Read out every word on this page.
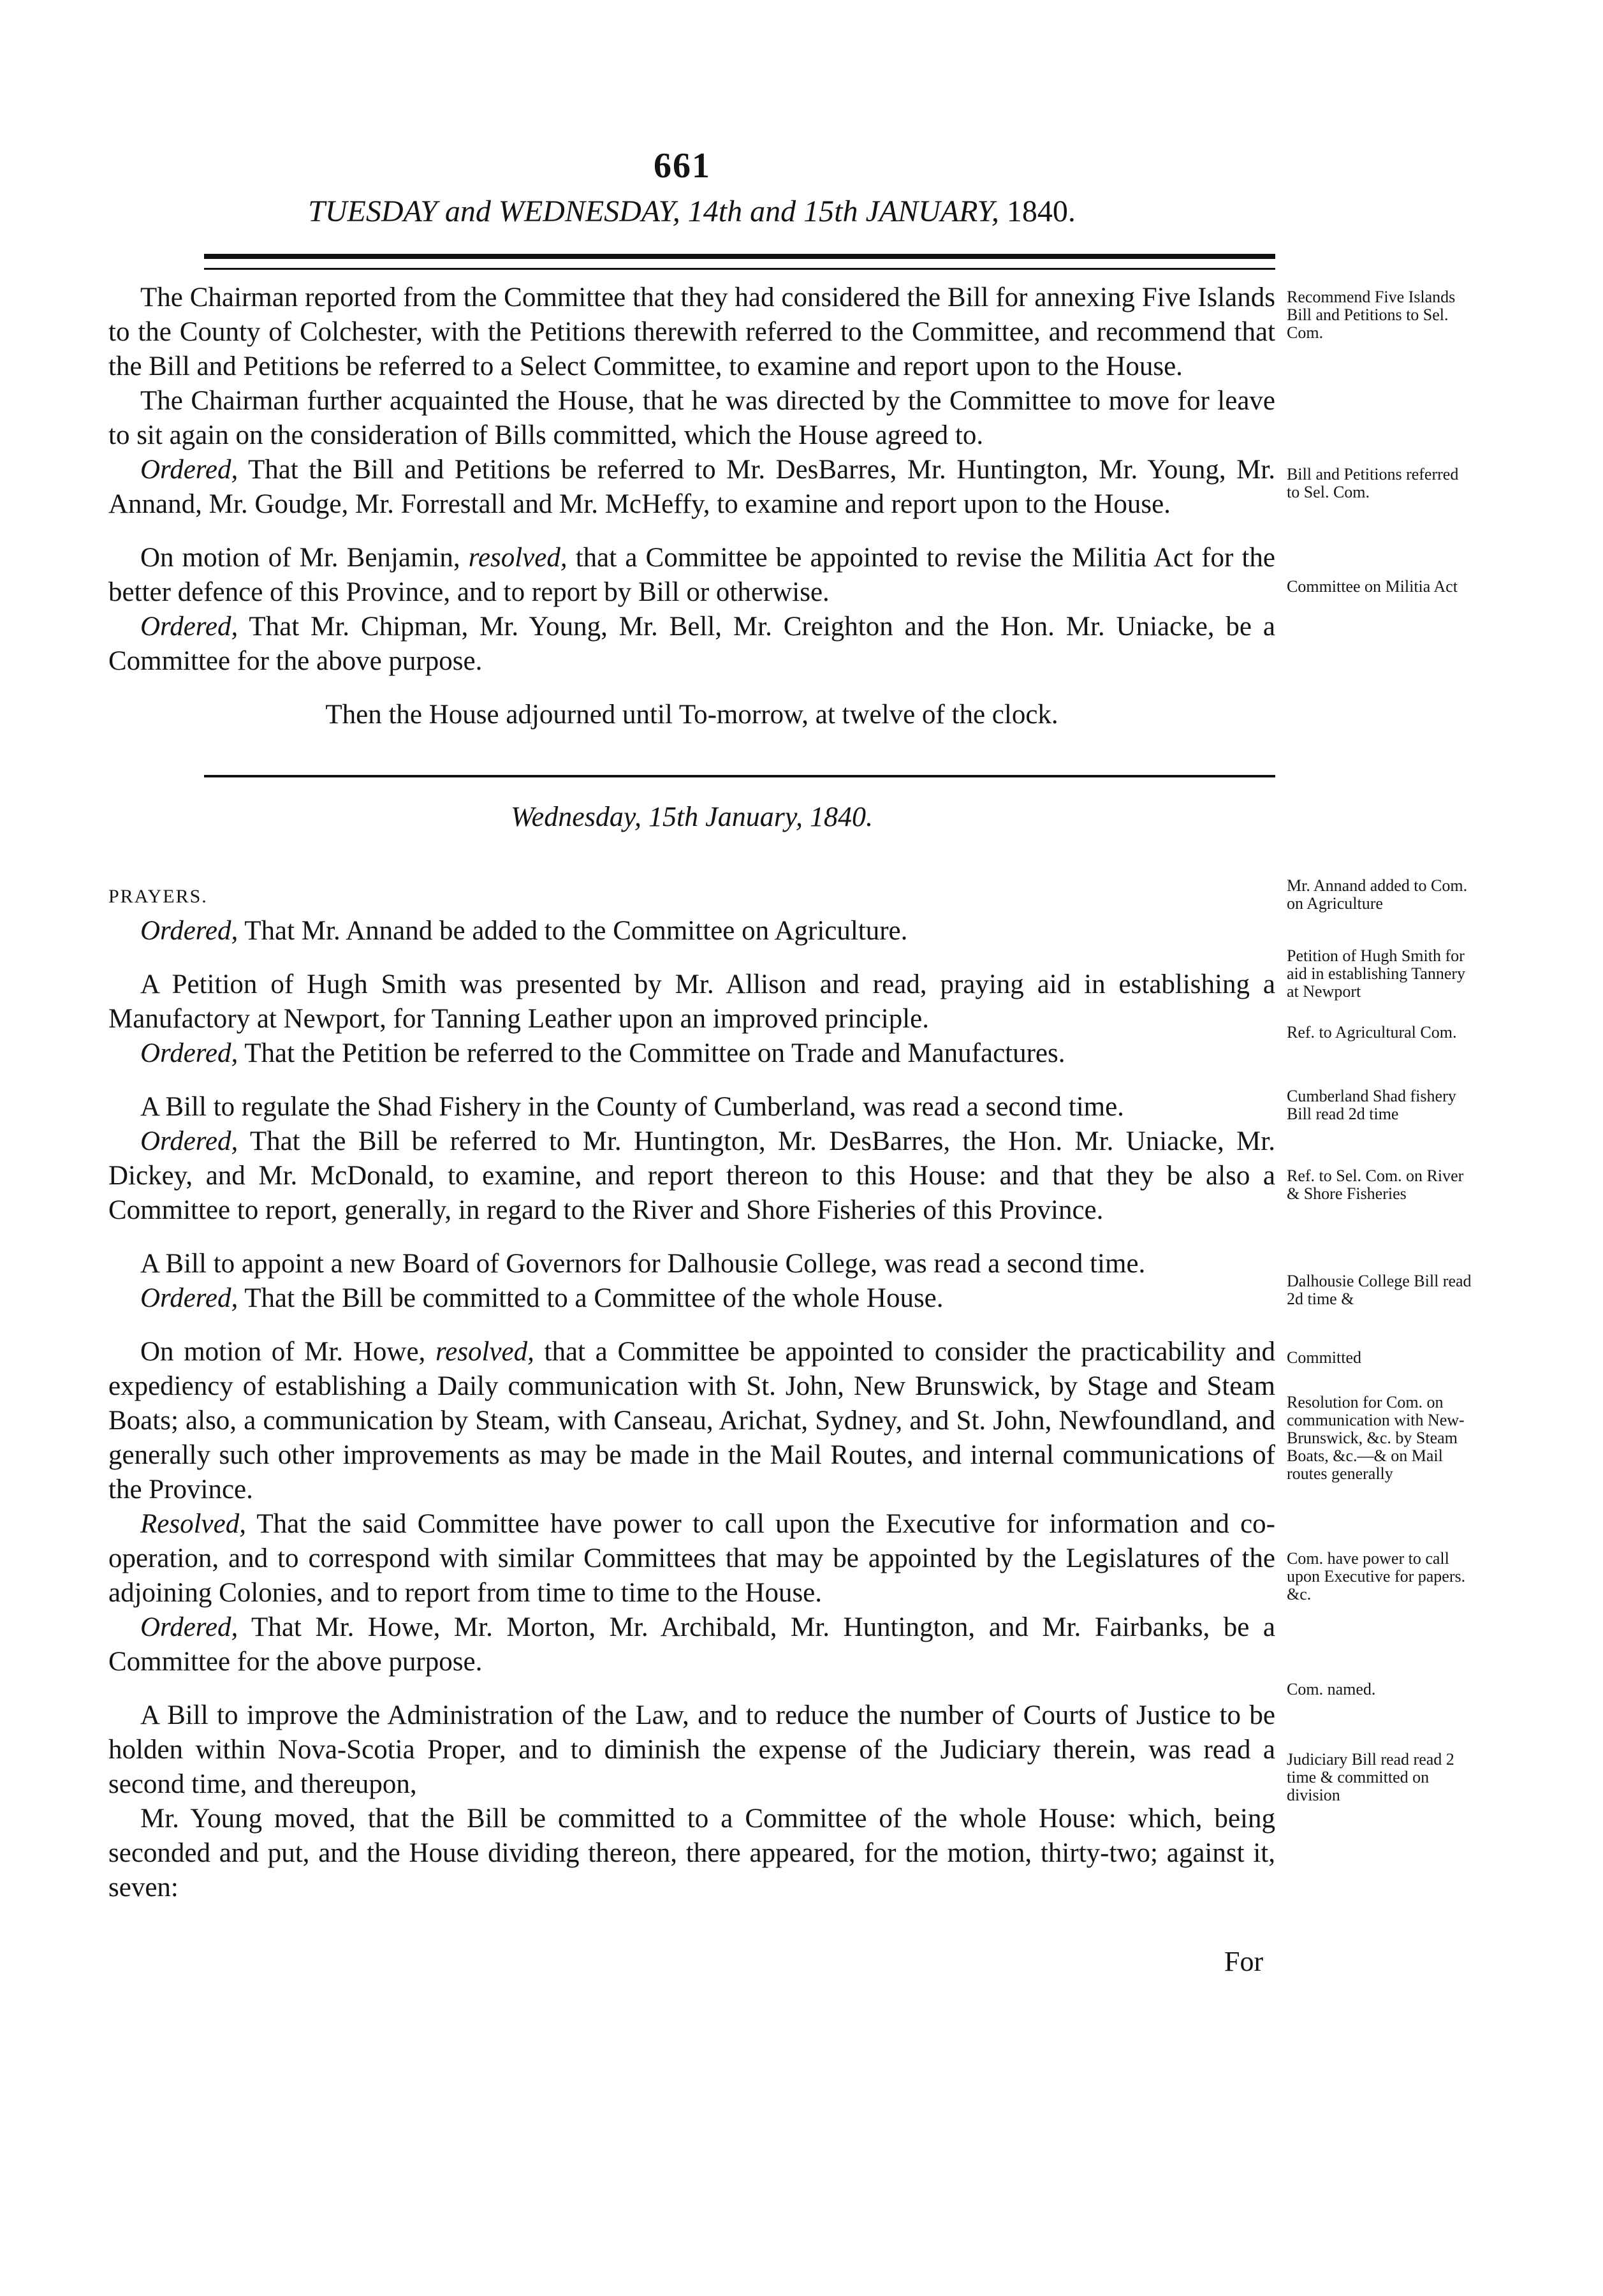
661
TUESDAY and WEDNESDAY, 14th and 15th JANUARY, 1840.

The Chairman reported from the Committee that they had considered the Bill for annexing Five Islands to the County of Colchester, with the Petitions therewith referred to the Committee, and recommend that the Bill and Petitions be referred to a Select Committee, to examine and report upon to the House.

The Chairman further acquainted the House, that he was directed by the Committee to move for leave to sit again on the consideration of Bills committed, which the House agreed to.

Ordered, That the Bill and Petitions be referred to Mr. DesBarres, Mr. Huntington, Mr. Young, Mr. Annand, Mr. Goudge, Mr. Forrestall and Mr. McHeffy, to examine and report upon to the House.

On motion of Mr. Benjamin, resolved, that a Committee be appointed to revise the Militia Act for the better defence of this Province, and to report by Bill or otherwise.

Ordered, That Mr. Chipman, Mr. Young, Mr. Bell, Mr. Creighton and the Hon. Mr. Uniacke, be a Committee for the above purpose.

Then the House adjourned until To-morrow, at twelve of the clock.

Wednesday, 15th January, 1840.

PRAYERS.

Ordered, That Mr. Annand be added to the Committee on Agriculture.

A Petition of Hugh Smith was presented by Mr. Allison and read, praying aid in establishing a Manufactory at Newport, for Tanning Leather upon an improved principle.

Ordered, That the Petition be referred to the Committee on Trade and Manufactures.

A Bill to regulate the Shad Fishery in the County of Cumberland, was read a second time.

Ordered, That the Bill be referred to Mr. Huntington, Mr. DesBarres, the Hon. Mr. Uniacke, Mr. Dickey, and Mr. McDonald, to examine, and report thereon to this House: and that they be also a Committee to report, generally, in regard to the River and Shore Fisheries of this Province.

A Bill to appoint a new Board of Governors for Dalhousie College, was read a second time.

Ordered, That the Bill be committed to a Committee of the whole House.

On motion of Mr. Howe, resolved, that a Committee be appointed to consider the practicability and expediency of establishing a Daily communication with St. John, New Brunswick, by Stage and Steam Boats; also, a communication by Steam, with Canseau, Arichat, Sydney, and St. John, Newfoundland, and generally such other improvements as may be made in the Mail Routes, and internal communications of the Province.

Resolved, That the said Committee have power to call upon the Executive for information and co-operation, and to correspond with similar Committees that may be appointed by the Legislatures of the adjoining Colonies, and to report from time to time to the House.

Ordered, That Mr. Howe, Mr. Morton, Mr. Archibald, Mr. Huntington, and Mr. Fairbanks, be a Committee for the above purpose.

A Bill to improve the Administration of the Law, and to reduce the number of Courts of Justice to be holden within Nova-Scotia Proper, and to diminish the expense of the Judiciary therein, was read a second time, and thereupon,

Mr. Young moved, that the Bill be committed to a Committee of the whole House: which, being seconded and put, and the House dividing thereon, there appeared, for the motion, thirty-two; against it, seven:

Recommend Five Islands Bill and Petitions to Sel. Com.
Bill and Petitions referred to Sel. Com.
Committee on Militia Act
Mr. Annand added to Com. on Agriculture
Petition of Hugh Smith for aid in establishing Tannery at Newport
Ref. to Agricultural Com.
Cumberland Shad fishery Bill read 2d time
Ref. to Sel. Com. on River & Shore Fisheries
Dalhousie College Bill read 2d time &
Committed
Resolution for Com. on communication with New-Brunswick, &c. by Steam Boats, &c.—& on Mail routes generally
Com. have power to call upon Executive for papers. &c.
Com. named.
Judiciary Bill read read 2 time & committed on division
For
